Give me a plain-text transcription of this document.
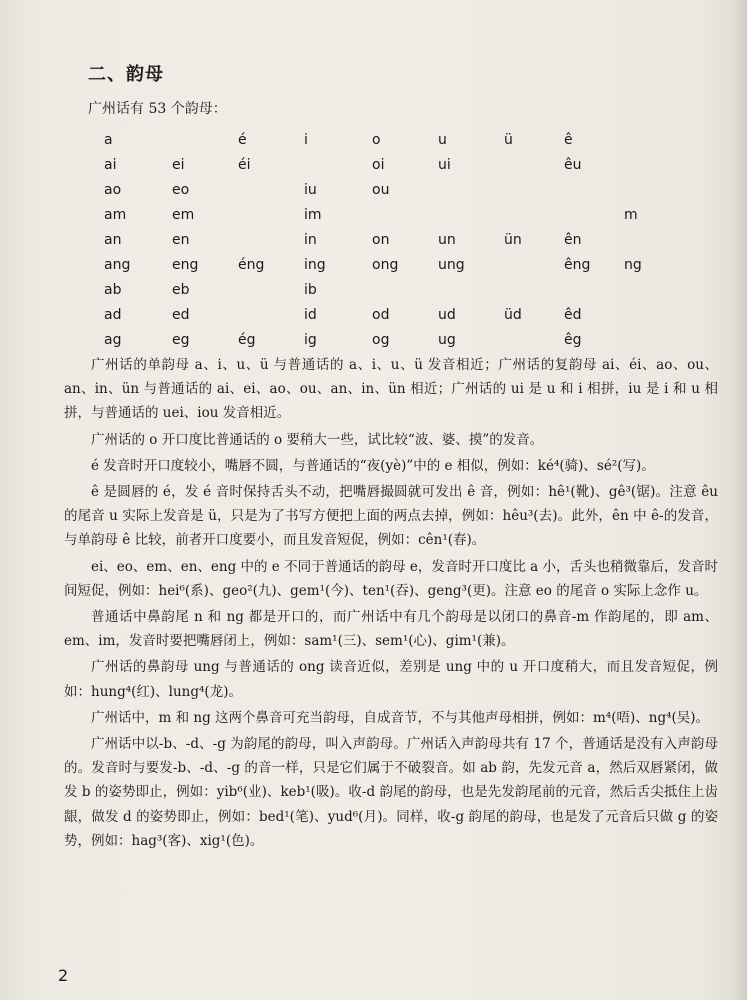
二、韵母
广州话有 53 个韵母：
a		é	i	o	u	ü	ê	
ai	ei	éi		oi	ui		êu	
ao	eo		iu	ou				
am	em		im					m
an	en		in	on	un	ün	ên	
ang	eng	éng	ing	ong	ung		êng	ng
ab	eb		ib					
ad	ed		id	od	ud	üd	êd	
ag	eg	ég	ig	og	ug		êg	

广州话的单韵母 a、i、u、ü 与普通话的 a、i、u、ü 发音相近；广州话的复韵母 ai、éi、ao、ou、an、in、ün 与普通话的 ai、ei、ao、ou、an、in、ün 相近；广州话的 ui 是 u 和 i 相拼，iu 是 i 和 u 相拼，与普通话的 uei、iou 发音相近。

广州话的 o 开口度比普通话的 o 要稍大一些，试比较“波、婆、摸”的发音。

é 发音时开口度较小，嘴唇不圆，与普通话的“夜(yè)”中的 e 相似，例如：ké⁴(骑)、sé²(写)。

ê 是圆唇的 é，发 é 音时保持舌头不动，把嘴唇撮圆就可发出 ê 音，例如：hê¹(靴)、gê³(锯)。注意 êu 的尾音 u 实际上发音是 ü，只是为了书写方便把上面的两点去掉，例如：hêu³(去)。此外，ên 中 ê-的发音，与单韵母 ê 比较，前者开口度要小，而且发音短促，例如：cên¹(春)。

ei、eo、em、en、eng 中的 e 不同于普通话的韵母 e，发音时开口度比 a 小，舌头也稍微靠后，发音时间短促，例如：hei⁶(系)、geo²(九)、gem¹(今)、ten¹(吞)、geng³(更)。注意 eo 的尾音 o 实际上念作 u。

普通话中鼻韵尾 n 和 ng 都是开口的，而广州话中有几个韵母是以闭口的鼻音-m 作韵尾的，即 am、em、im，发音时要把嘴唇闭上，例如：sam¹(三)、sem¹(心)、gim¹(兼)。

广州话的鼻韵母 ung 与普通话的 ong 读音近似，差别是 ung 中的 u 开口度稍大，而且发音短促，例如：hung⁴(红)、lung⁴(龙)。

广州话中，m 和 ng 这两个鼻音可充当韵母，自成音节，不与其他声母相拼，例如：m⁴(唔)、ng⁴(吴)。

广州话中以-b、-d、-g 为韵尾的韵母，叫入声韵母。广州话入声韵母共有 17 个，普通话是没有入声韵母的。发音时与要发-b、-d、-g 的音一样，只是它们属于不破裂音。如 ab 韵，先发元音 a，然后双唇紧闭，做发 b 的姿势即止，例如：yib⁶(业)、keb¹(吸)。收-d 韵尾的韵母，也是先发韵尾前的元音，然后舌尖抵住上齿龈，做发 d 的姿势即止，例如：bed¹(笔)、yud⁶(月)。同样，收-g 韵尾的韵母，也是发了元音后只做 g 的姿势，例如：hag³(客)、xig¹(色)。

2
